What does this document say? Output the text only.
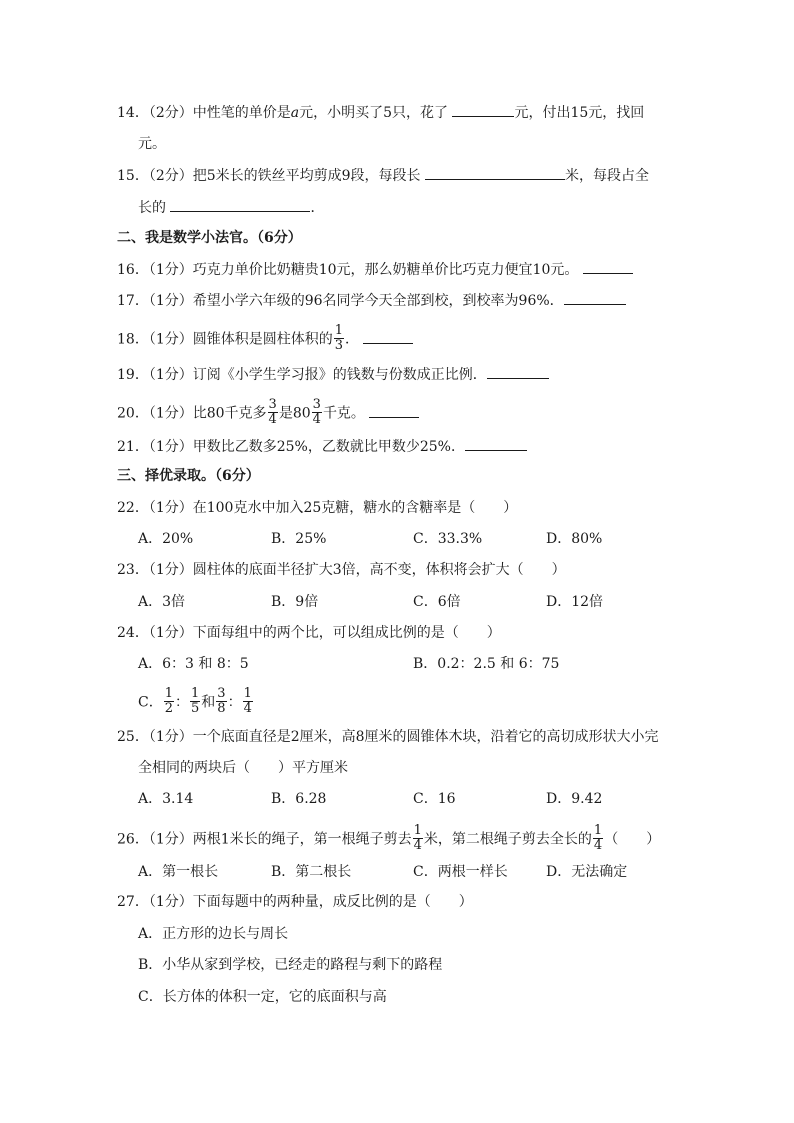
14．（2分）中性笔的单价是a元，小明买了5只，花了	元，付出15元，找回
元。
15．（2分）把5米长的铁丝平均剪成9段，每段长	米，每段占全
长的	．
二、我是数学小法官。（6分）
16．（1分）巧克力单价比奶糖贵10元，那么奶糖单价比巧克力便宜10元。
17．（1分）希望小学六年级的96名同学今天全部到校，到校率为96%．
18．（1分）圆锥体积是圆柱体积的 $\frac{1}{3}$ ．
19．（1分）订阅《小学生学习报》的钱数与份数成正比例．
20．（1分）比80千克多 $\frac{3}{4}$ 是$80 \frac{3}{4}$ 千克。
21．（1分）甲数比乙数多25%，乙数就比甲数少25%．
三、择优录取。（6分）
22．（1分）在100克水中加入25克糖，糖水的含糖率是（　　）
A．20%	B．25%	C．33.3%	D．80%
23．（1分）圆柱体的底面半径扩大3倍，高不变，体积将会扩大（　　）
A．3倍	B．9倍	C．6倍	D．12倍
24．（1分）下面每组中的两个比，可以组成比例的是（　　）
A．6：3 和 8：5	B．0.2：2.5 和 6：75
C． $\frac{1}{2}$ ： $\frac{1}{5}$ 和 $\frac{3}{8}$ ： $\frac{1}{4}$
25．（1分）一个底面直径是2厘米，高8厘米的圆锥体木块，沿着它的高切成形状大小完
全相同的两块后（　　）平方厘米
A．3.14	B．6.28	C．16	D．9.42
26．（1分）两根1米长的绳子，第一根绳子剪去 $\frac{1}{4}$ 米，第二根绳子剪去全长的 $\frac{1}{4}$ （　　）
A．第一根长	B．第二根长	C．两根一样长	D．无法确定
27．（1分）下面每题中的两种量，成反比例的是（　　）
A．正方形的边长与周长
B．小华从家到学校，已经走的路程与剩下的路程
C．长方体的体积一定，它的底面积与高
